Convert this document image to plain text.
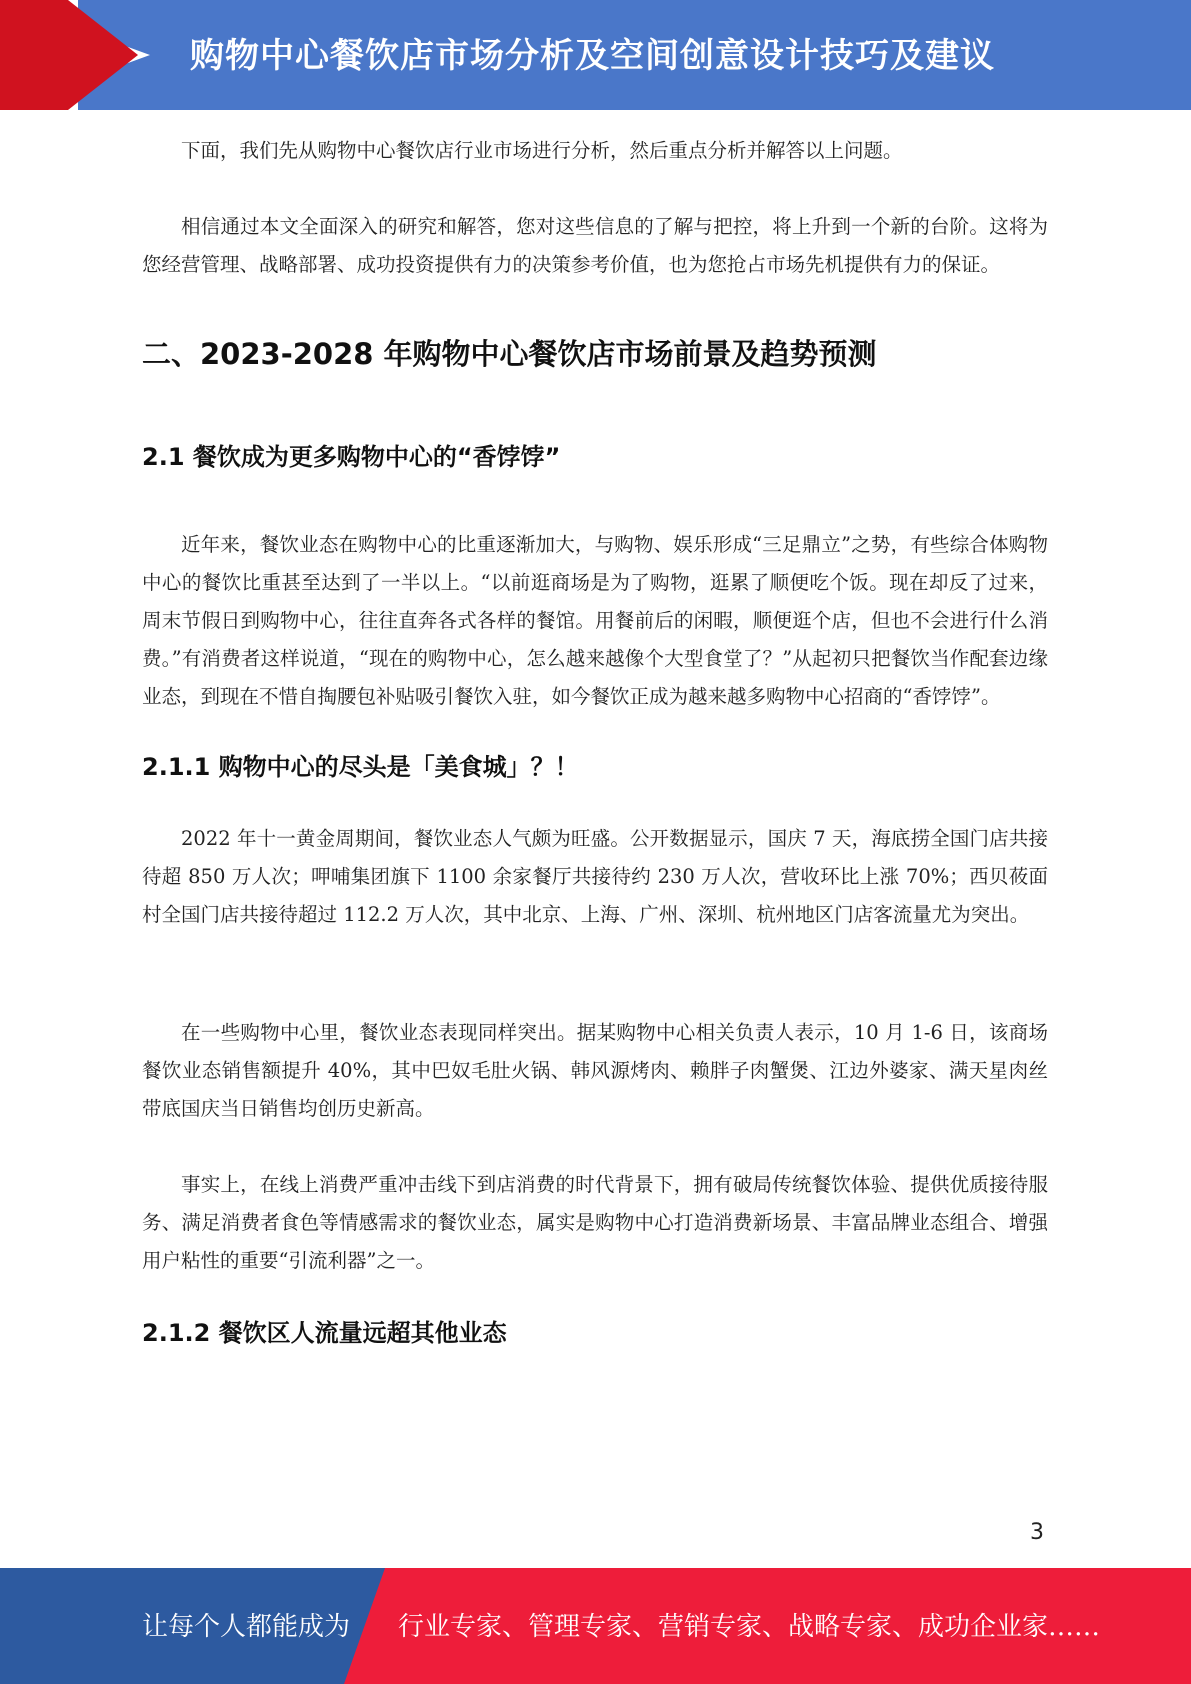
购物中心餐饮店市场分析及空间创意设计技巧及建议

下面，我们先从购物中心餐饮店行业市场进行分析，然后重点分析并解答以上问题。

相信通过本文全面深入的研究和解答，您对这些信息的了解与把控，将上升到一个新的台阶。这将为您经营管理、战略部署、成功投资提供有力的决策参考价值，也为您抢占市场先机提供有力的保证。

二、2023-2028 年购物中心餐饮店市场前景及趋势预测
2.1 餐饮成为更多购物中心的“香饽饽”

近年来，餐饮业态在购物中心的比重逐渐加大，与购物、娱乐形成“三足鼎立”之势，有些综合体购物中心的餐饮比重甚至达到了一半以上。“以前逛商场是为了购物，逛累了顺便吃个饭。现在却反了过来，周末节假日到购物中心，往往直奔各式各样的餐馆。用餐前后的闲暇，顺便逛个店，但也不会进行什么消费。”有消费者这样说道，“现在的购物中心，怎么越来越像个大型食堂了？”从起初只把餐饮当作配套边缘业态，到现在不惜自掏腰包补贴吸引餐饮入驻，如今餐饮正成为越来越多购物中心招商的“香饽饽”。

2.1.1 购物中心的尽头是「美食城」？！

2022 年十一黄金周期间，餐饮业态人气颇为旺盛。公开数据显示，国庆 7 天，海底捞全国门店共接待超 850 万人次；呷哺集团旗下 1100 余家餐厅共接待约 230 万人次，营收环比上涨 70%；西贝莜面村全国门店共接待超过 112.2 万人次，其中北京、上海、广州、深圳、杭州地区门店客流量尤为突出。

在一些购物中心里，餐饮业态表现同样突出。据某购物中心相关负责人表示，10 月 1-6 日，该商场餐饮业态销售额提升 40%，其中巴奴毛肚火锅、韩风源烤肉、赖胖子肉蟹煲、江边外婆家、满天星肉丝带底国庆当日销售均创历史新高。

事实上，在线上消费严重冲击线下到店消费的时代背景下，拥有破局传统餐饮体验、提供优质接待服务、满足消费者食色等情感需求的餐饮业态，属实是购物中心打造消费新场景、丰富品牌业态组合、增强用户粘性的重要“引流利器”之一。

2.1.2 餐饮区人流量远超其他业态
3
让每个人都能成为 行业专家、管理专家、营销专家、战略专家、成功企业家……
